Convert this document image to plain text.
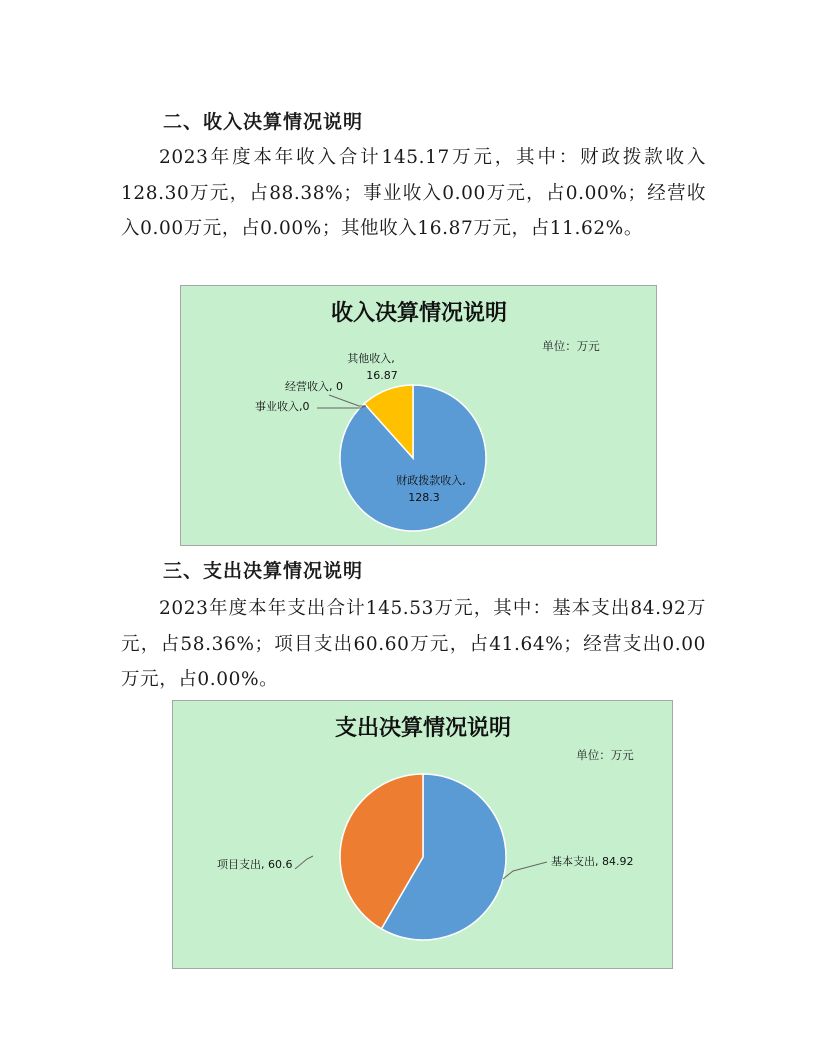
二、收入决算情况说明
2023年度本年收入合计145.17万元，其中：财政拨款收入128.30万元，占88.38%；事业收入0.00万元，占0.00%；经营收入0.00万元，占0.00%；其他收入16.87万元，占11.62%。
收入决算情况说明
单位：万元
其他收入,
16.87
经营收入, 0
事业收入,0
财政拨款收入,
128.3
三、支出决算情况说明
2023年度本年支出合计145.53万元，其中：基本支出84.92万元，占58.36%；项目支出60.60万元，占41.64%；经营支出0.00万元，占0.00%。
支出决算情况说明
单位：万元
项目支出, 60.6	基本支出, 84.92
